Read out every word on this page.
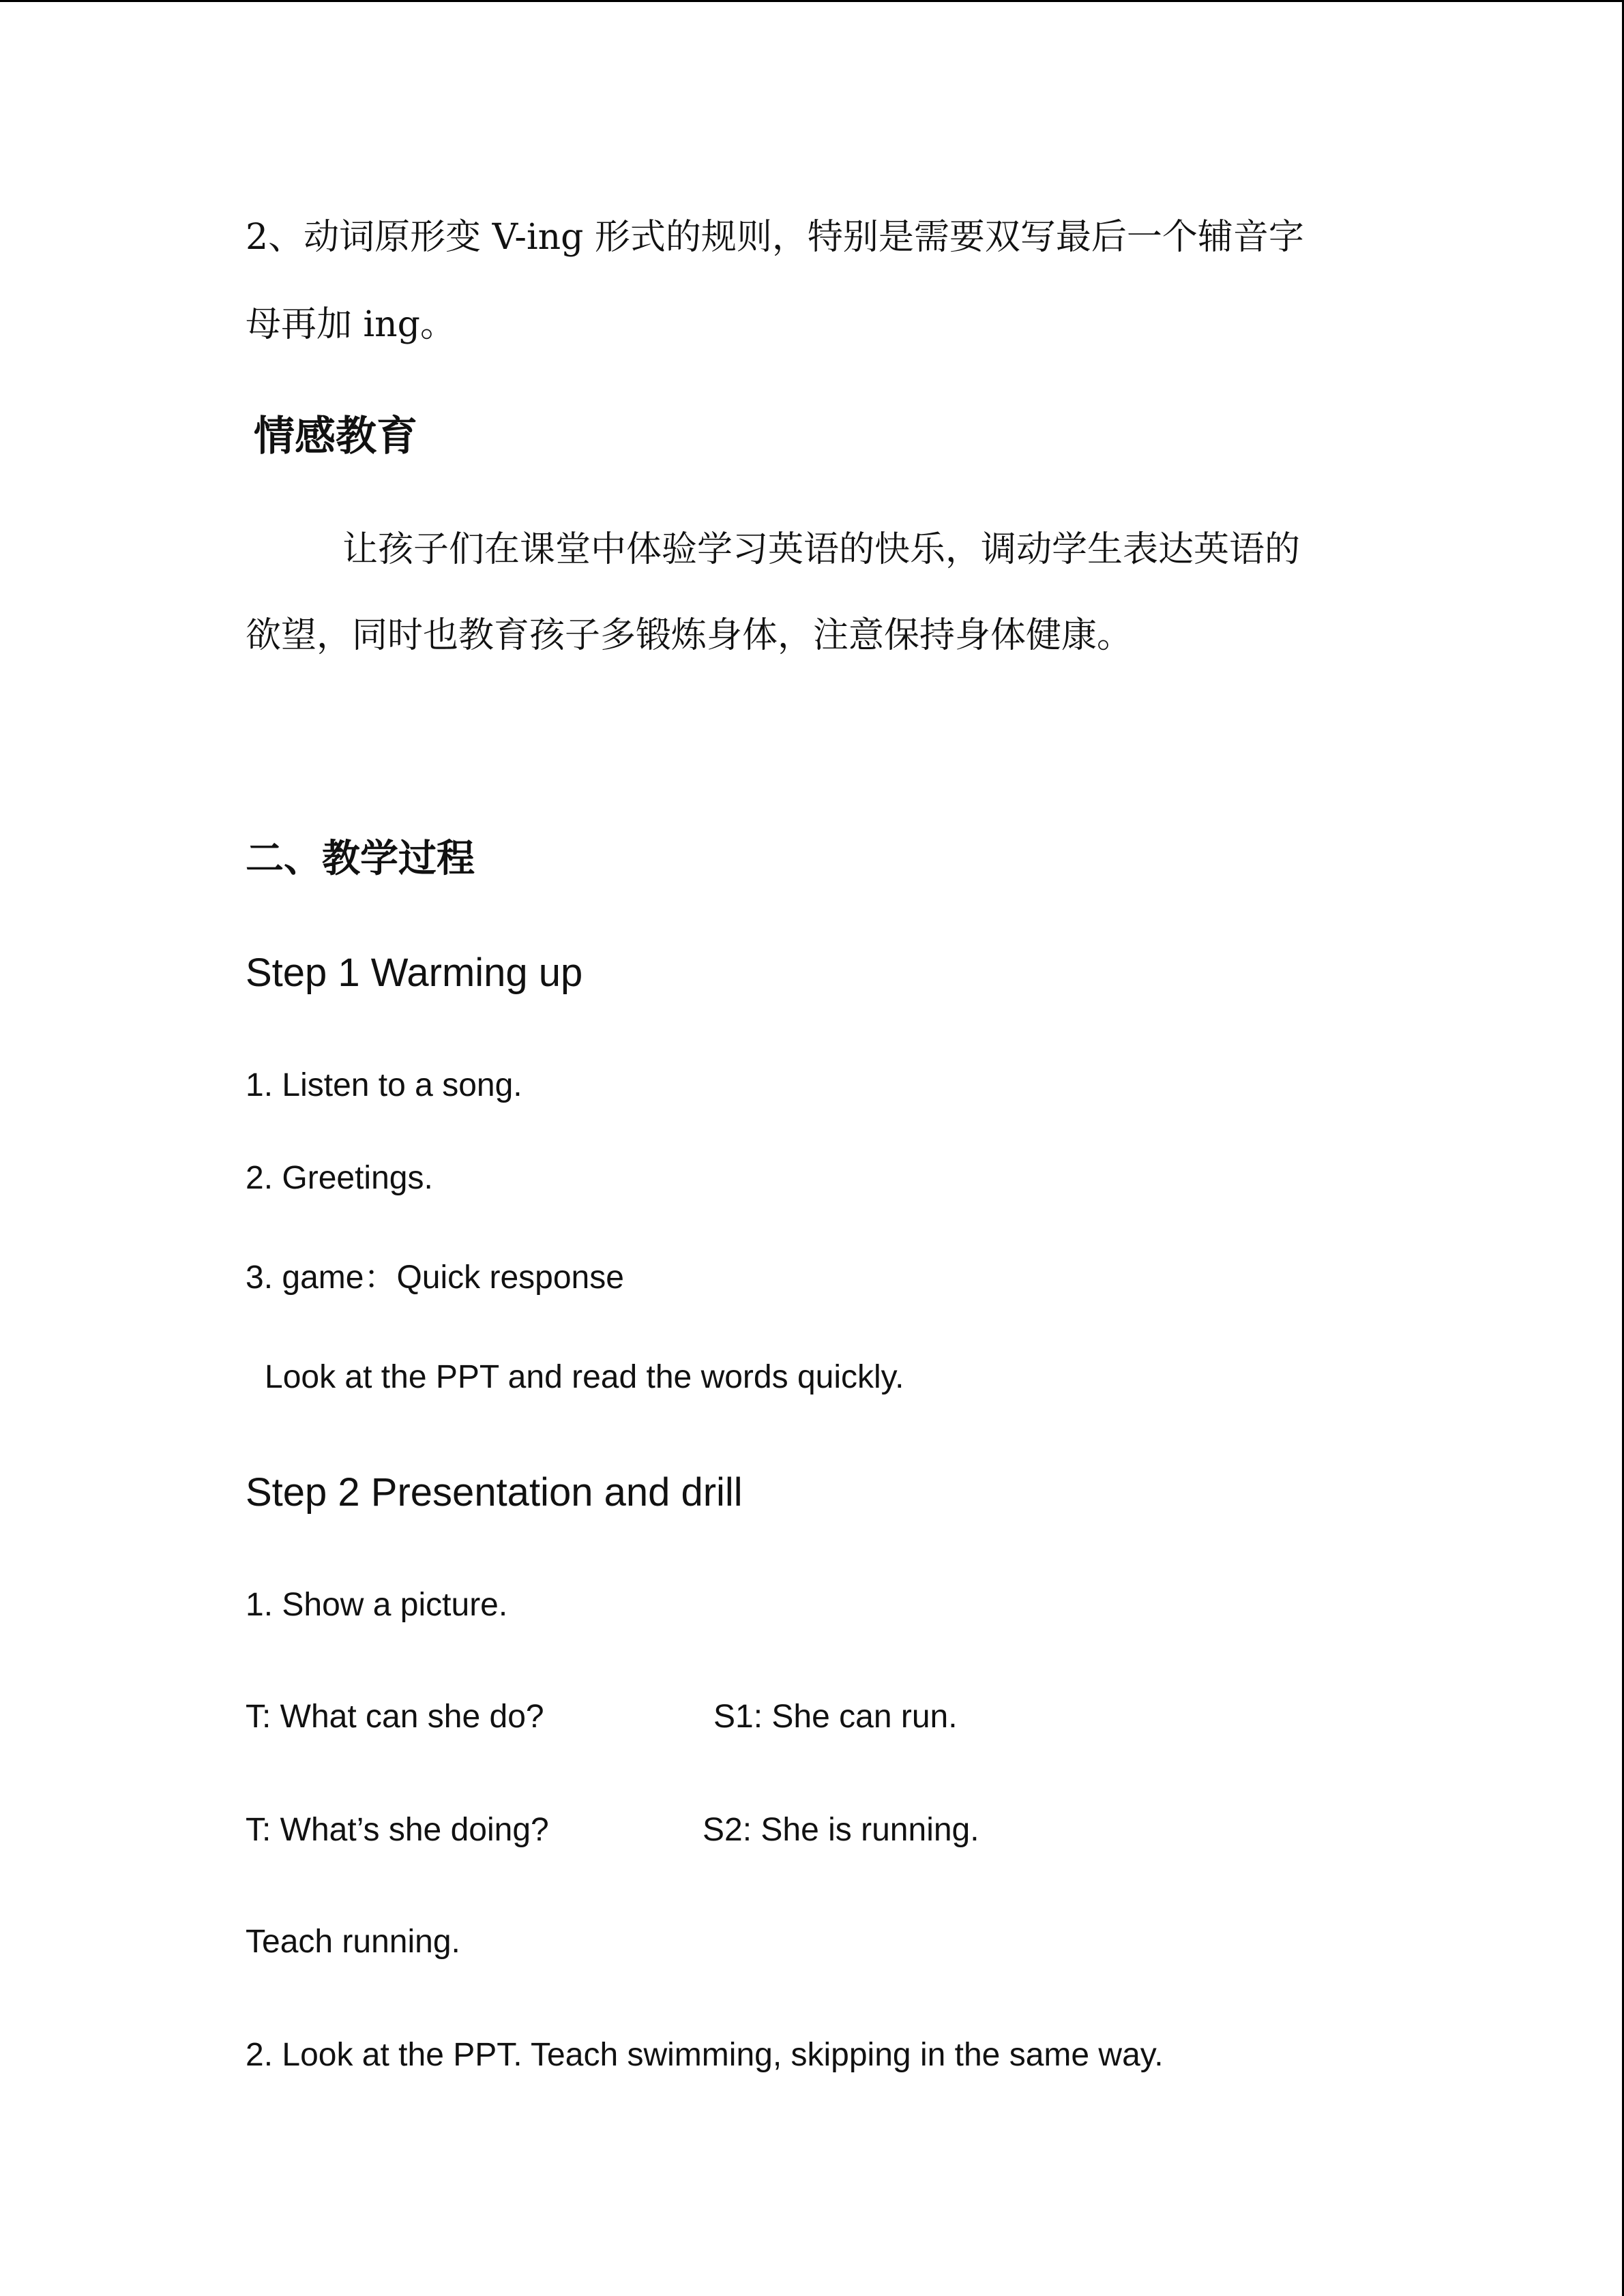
2、动词原形变 V-ing 形式的规则，特别是需要双写最后一个辅音字
母再加 ing。
情感教育
让孩子们在课堂中体验学习英语的快乐，调动学生表达英语的
欲望，同时也教育孩子多锻炼身体，注意保持身体健康。
二、教学过程
Step 1 Warming up
1. Listen to a song.
2. Greetings.
3. game：Quick response
Look at the PPT and read the words quickly.
Step 2 Presentation and drill
1. Show a picture.
T: What can she do?	S1: She can run.
T: What’s she doing?	S2: She is running.
Teach running.
2. Look at the PPT. Teach swimming, skipping in the same way.
